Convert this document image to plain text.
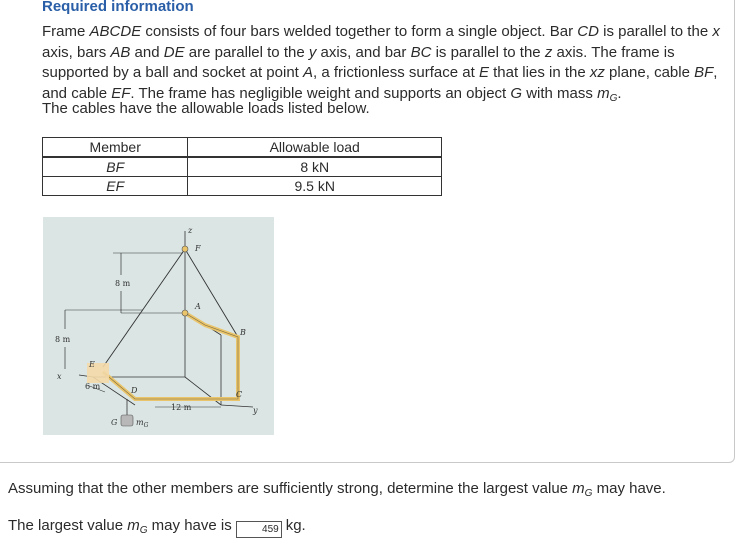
Required information
Frame ABCDE consists of four bars welded together to form a single object. Bar CD is parallel to the x axis, bars AB and DE are parallel to the y axis, and bar BC is parallel to the z axis. The frame is supported by a ball and socket at point A, a frictionless surface at E that lies in the xz plane, cable BF, and cable EF. The frame has negligible weight and supports an object G with mass $m_G$.
The cables have the allowable loads listed below.
Member	Allowable load
BF	8 kN
EF	9.5 kN
z
F
A
B
C
D
E
x
y
8 m
8 m
6 m
12 m
G $m_G$
Assuming that the other members are sufficiently strong, determine the largest value $m_G$ may have.
The largest value $m_G$ may have is	459 kg.
